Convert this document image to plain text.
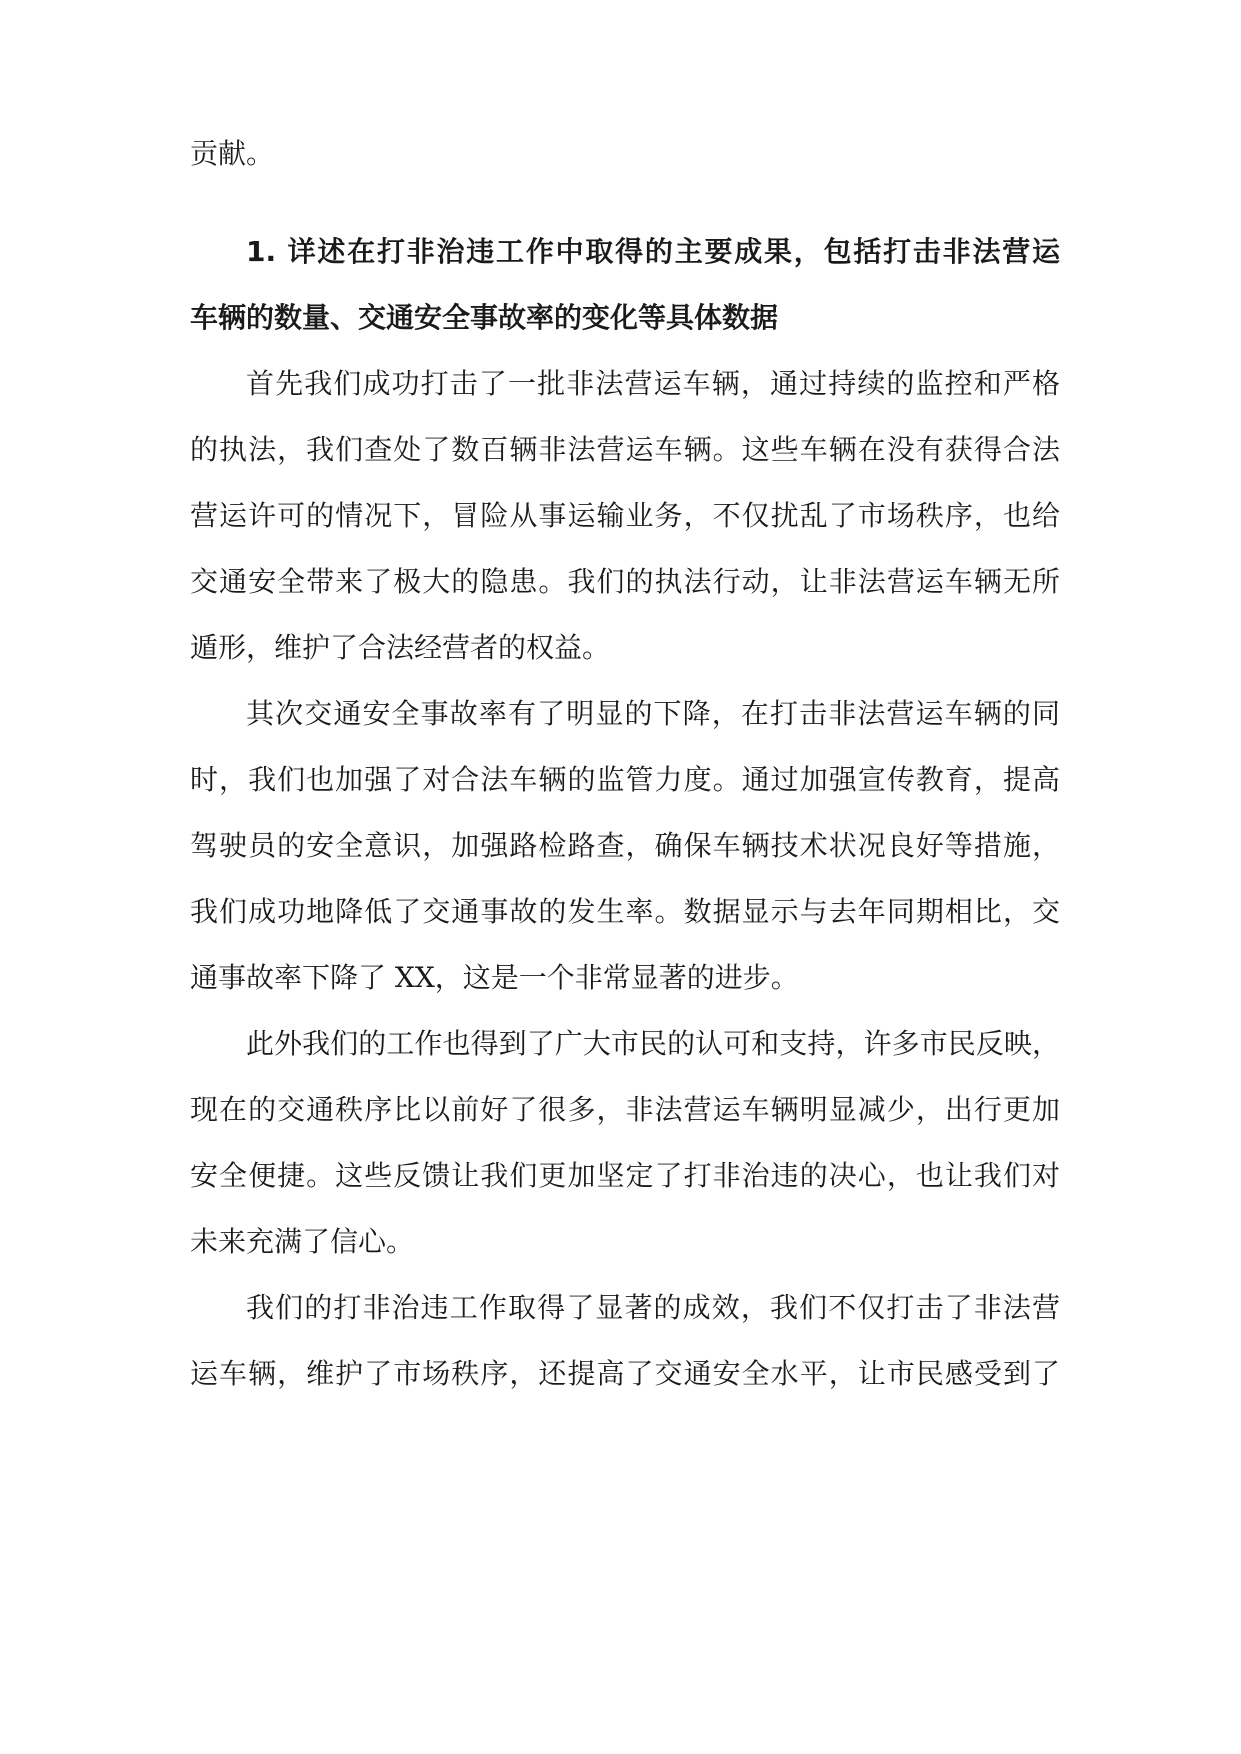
贡献。
1. 详述在打非治违工作中取得的主要成果，包括打击非法营运
车辆的数量、交通安全事故率的变化等具体数据
首先我们成功打击了一批非法营运车辆，通过持续的监控和严格
的执法，我们查处了数百辆非法营运车辆。这些车辆在没有获得合法
营运许可的情况下，冒险从事运输业务，不仅扰乱了市场秩序，也给
交通安全带来了极大的隐患。我们的执法行动，让非法营运车辆无所
遁形，维护了合法经营者的权益。
其次交通安全事故率有了明显的下降，在打击非法营运车辆的同
时，我们也加强了对合法车辆的监管力度。通过加强宣传教育，提高
驾驶员的安全意识，加强路检路查，确保车辆技术状况良好等措施，
我们成功地降低了交通事故的发生率。数据显示与去年同期相比，交
通事故率下降了 XX，这是一个非常显著的进步。
此外我们的工作也得到了广大市民的认可和支持，许多市民反映，
现在的交通秩序比以前好了很多，非法营运车辆明显减少，出行更加
安全便捷。这些反馈让我们更加坚定了打非治违的决心，也让我们对
未来充满了信心。
我们的打非治违工作取得了显著的成效，我们不仅打击了非法营
运车辆，维护了市场秩序，还提高了交通安全水平，让市民感受到了
